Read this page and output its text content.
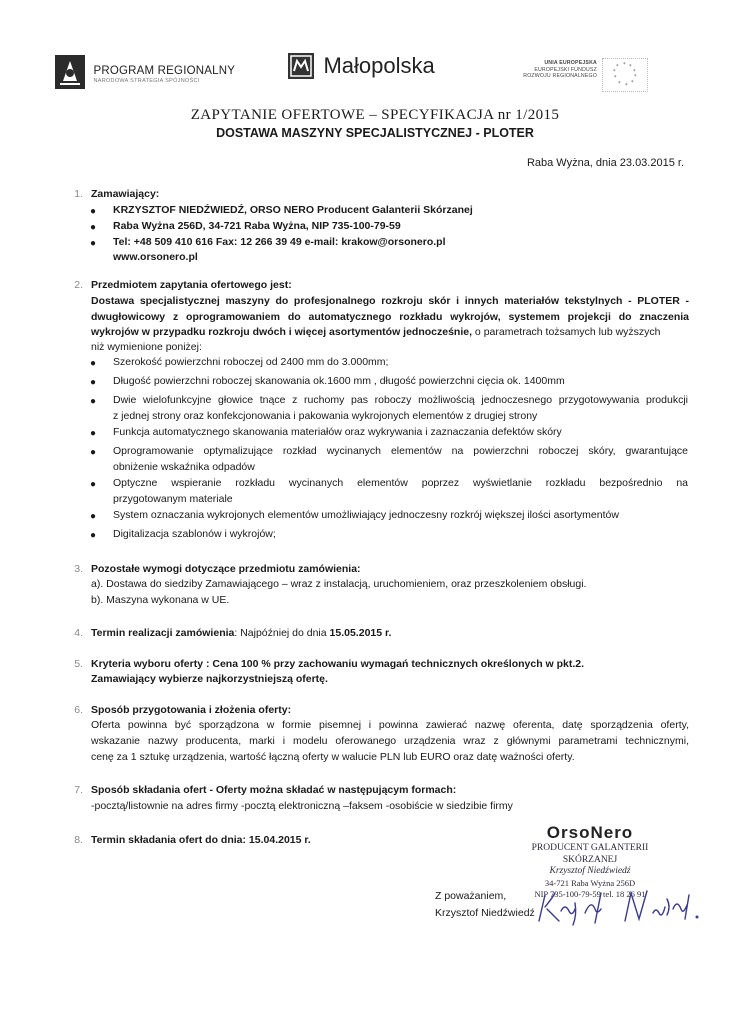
PROGRAM REGIONALNY
NARODOWA STRATEGIA SPÓJNOŚCI
Małopolska	UNIA EUROPEJSKA
EUROPEJSKI FUNDUSZ
ROZWOJU REGIONALNEGO
* *
*
*
*
*
*
*
*
*
ZAPYTANIE OFERTOWE – SPECYFIKACJA nr 1/2015
DOSTAWA MASZYNY SPECJALISTYCZNEJ - PLOTER
Raba Wyżna, dnia 23.03.2015 r.
1. Zamawiający:
● KRZYSZTOF NIEDŹWIEDŹ, ORSO NERO Producent Galanterii Skórzanej
● Raba Wyżna 256D, 34-721 Raba Wyżna, NIP 735-100-79-59
● Tel: +48 509 410 616 Fax: 12 266 39 49 e-mail: krakow@orsonero.pl
www.orsonero.pl
2. Przedmiotem zapytania ofertowego jest:
Dostawa specjalistycznej maszyny do profesjonalnego rozkroju skór i innych materiałów tekstylnych - PLOTER -
dwugłowicowy z oprogramowaniem do automatycznego rozkładu wykrojów, systemem projekcji do znaczenia
wykrojów w przypadku rozkroju dwóch i więcej asortymentów jednocześnie, o parametrach tożsamych lub wyższych
niż wymienione poniżej:
● Szerokość powierzchni roboczej od 2400 mm do 3.000mm;
● Długość powierzchni roboczej skanowania ok.1600 mm , długość powierzchni cięcia ok. 1400mm
● Dwie wielofunkcyjne głowice tnące z ruchomy pas roboczy możliwością jednoczesnego przygotowywania produkcji
z jednej strony oraz konfekcjonowania i pakowania wykrojonych elementów z drugiej strony
● Funkcja automatycznego skanowania materiałów oraz wykrywania i zaznaczania defektów skóry
● Oprogramowanie optymalizujące rozkład wycinanych elementów na powierzchni roboczej skóry, gwarantujące
obniżenie wskaźnika odpadów
● Optyczne wspieranie rozkładu wycinanych elementów poprzez wyświetlanie rozkładu bezpośrednio na
przygotowanym materiale
● System oznaczania wykrojonych elementów umożliwiający jednoczesny rozkrój większej ilości asortymentów
● Digitalizacja szablonów i wykrojów;
3. Pozostałe wymogi dotyczące przedmiotu zamówienia:
a). Dostawa do siedziby Zamawiającego – wraz z instalacją, uruchomieniem, oraz przeszkoleniem obsługi.
b). Maszyna wykonana w UE.
4. Termin realizacji zamówienia: Najpóźniej do dnia 15.05.2015 r.
5. Kryteria wyboru oferty : Cena 100 % przy zachowaniu wymagań technicznych określonych w pkt.2.
Zamawiający wybierze najkorzystniejszą ofertę.
6. Sposób przygotowania i złożenia oferty:
Oferta powinna być sporządzona w formie pisemnej i powinna zawierać nazwę oferenta, datę sporządzenia oferty,
wskazanie nazwy producenta, marki i modelu oferowanego urządzenia wraz z głównymi parametrami technicznymi,
cenę za 1 sztukę urządzenia, wartość łączną oferty w walucie PLN lub EURO oraz datę ważności oferty.
7. Sposób składania ofert - Oferty można składać w następującym formach:
-pocztą/listownie na adres firmy -pocztą elektroniczną –faksem -osobiście w siedzibie firmy
8. Termin składania ofert do dnia: 15.04.2015 r.	OrsoNero
PRODUCENT GALANTERII SKÓRZANEJ
Krzysztof Niedźwiedź
34-721 Raba Wyżna 256D
NIP 735-100-79-59 tel. 18 26 91
Z poważaniem,
Krzysztof Niedźwiedź
